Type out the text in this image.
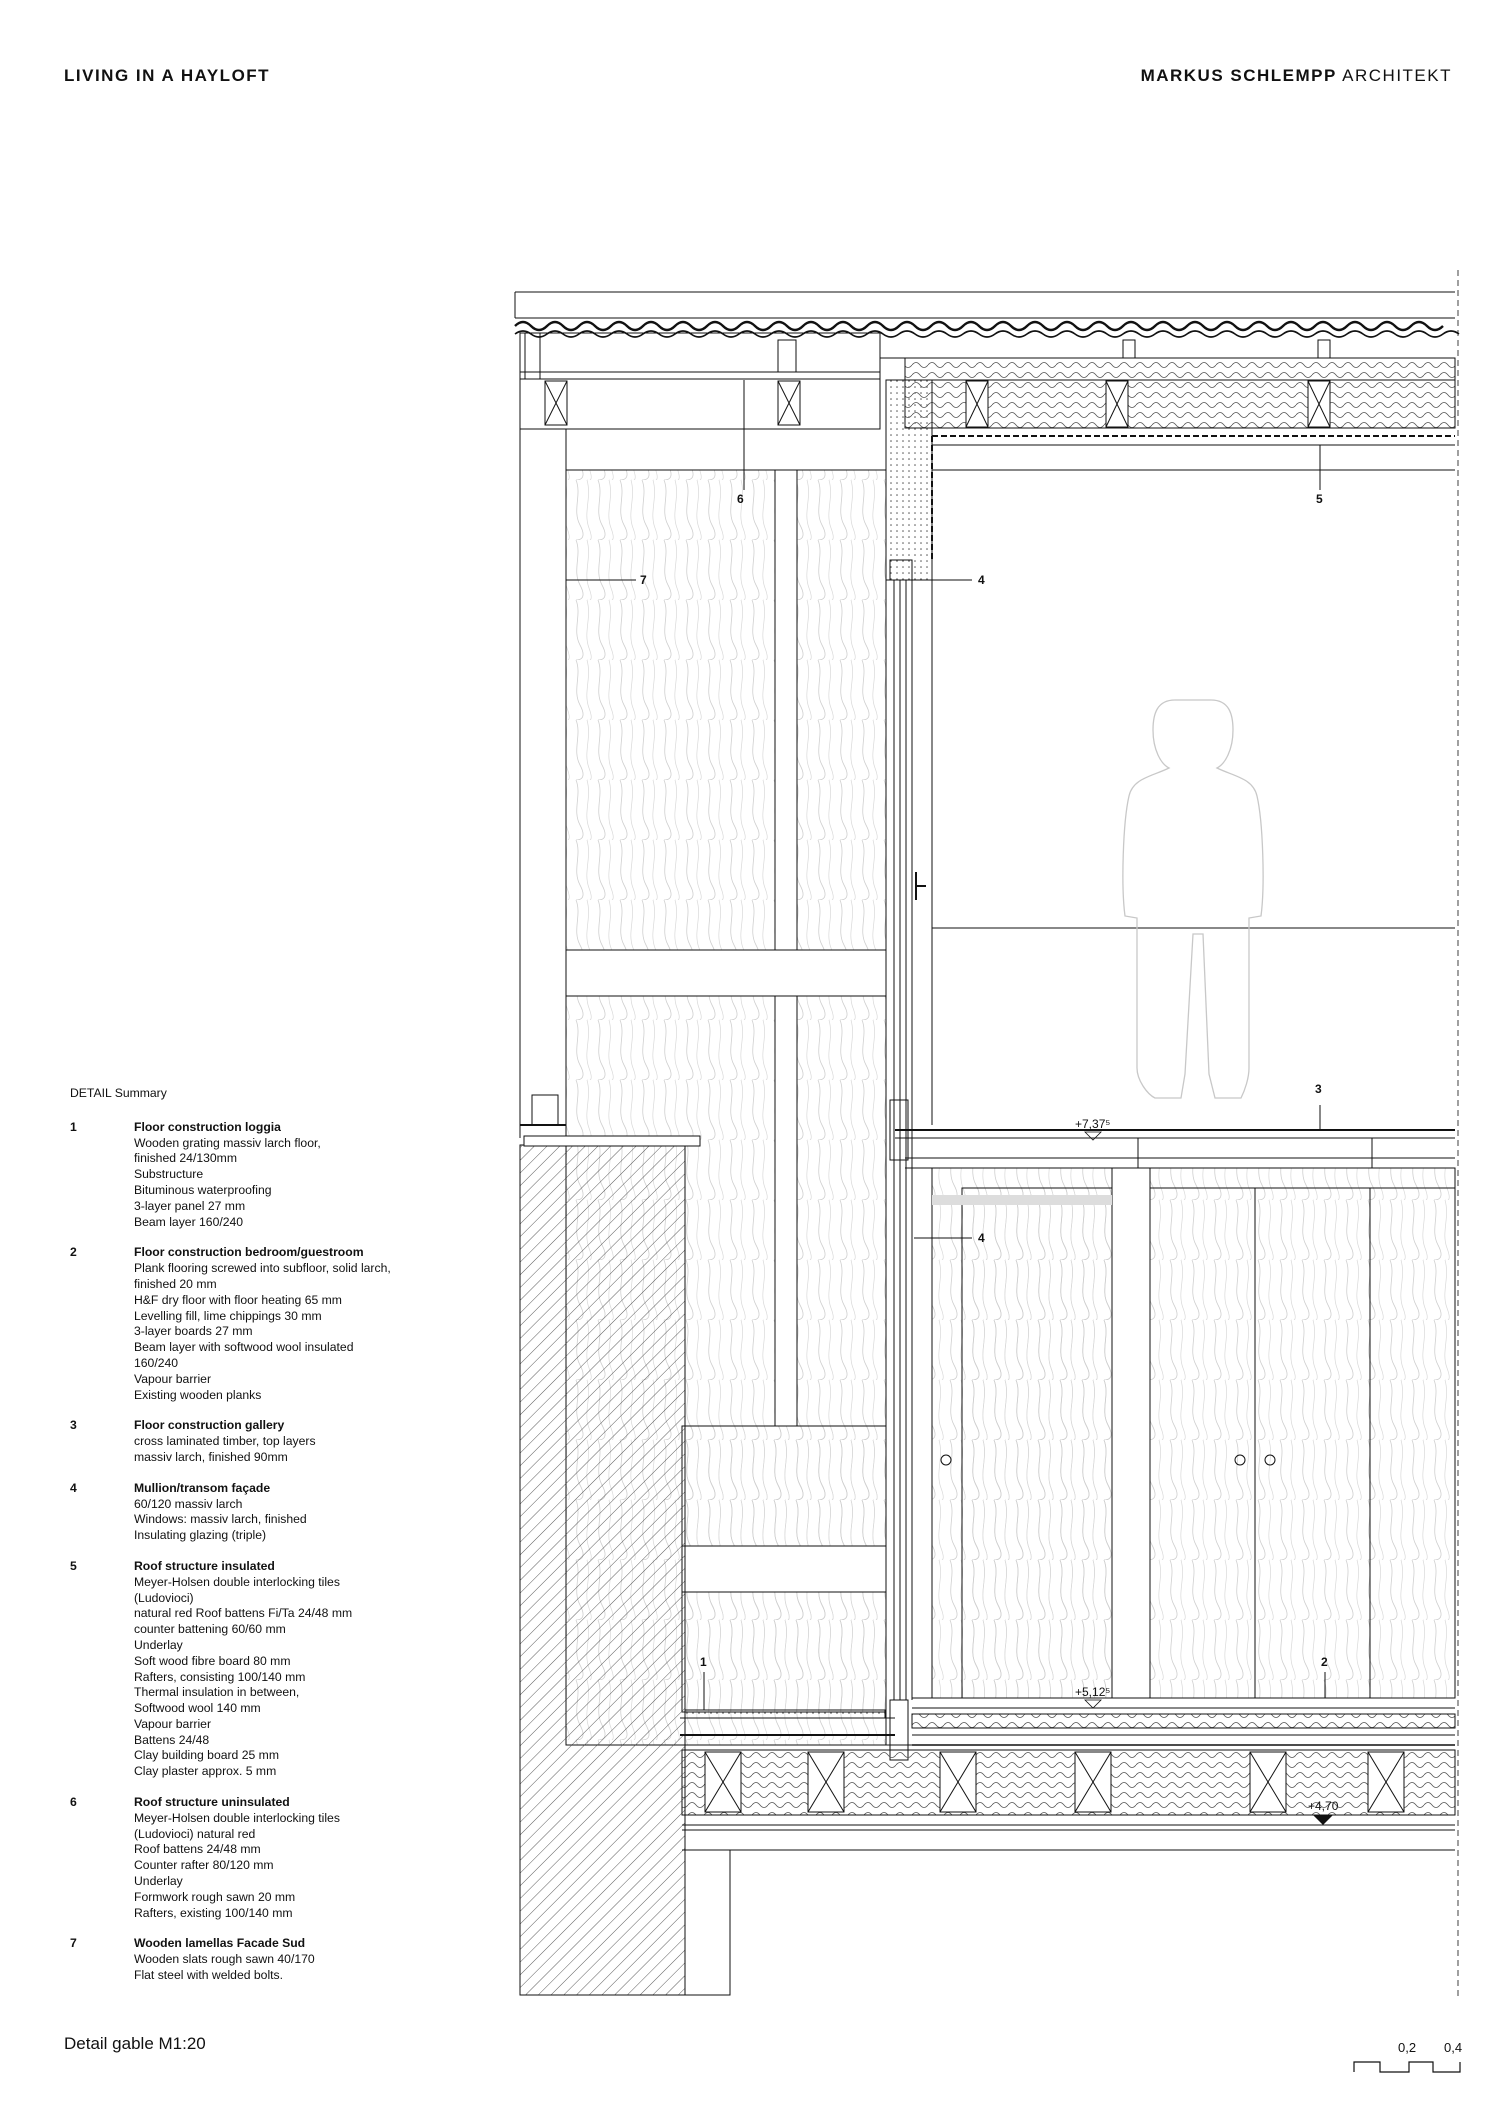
6	5
7	4
3
4
1	2
+7,37⁵
+5,12⁵
+4,70
0,2 0,4
LIVING IN A HAYLOFT	MARKUS SCHLEMPP ARCHITEKT
DETAIL Summary
1	Floor construction loggia
Wooden grating massiv larch floor,
finished 24/130mm
Substructure
Bituminous waterproofing
3-layer panel 27 mm
Beam layer 160/240
2	Floor construction bedroom/guestroom
Plank flooring screwed into subfloor, solid larch,
finished 20 mm
H&F dry floor with floor heating 65 mm
Levelling fill, lime chippings 30 mm
3-layer boards 27 mm
Beam layer with softwood wool insulated
160/240
Vapour barrier
Existing wooden planks
3	Floor construction gallery
cross laminated timber, top layers
massiv larch, finished 90mm
4	Mullion/transom façade
60/120 massiv larch
Windows: massiv larch, finished
Insulating glazing (triple)
5	Roof structure insulated
Meyer-Holsen double interlocking tiles
(Ludovioci)
natural red Roof battens Fi/Ta 24/48 mm
counter battening 60/60 mm
Underlay
Soft wood fibre board 80 mm
Rafters, consisting 100/140 mm
Thermal insulation in between,
Softwood wool 140 mm
Vapour barrier
Battens 24/48
Clay building board 25 mm
Clay plaster approx. 5 mm
6	Roof structure uninsulated
Meyer-Holsen double interlocking tiles
(Ludovioci) natural red
Roof battens 24/48 mm
Counter rafter 80/120 mm
Underlay
Formwork rough sawn 20 mm
Rafters, existing 100/140 mm
7	Wooden lamellas Facade Sud
Wooden slats rough sawn 40/170
Flat steel with welded bolts.
Detail gable M1:20
